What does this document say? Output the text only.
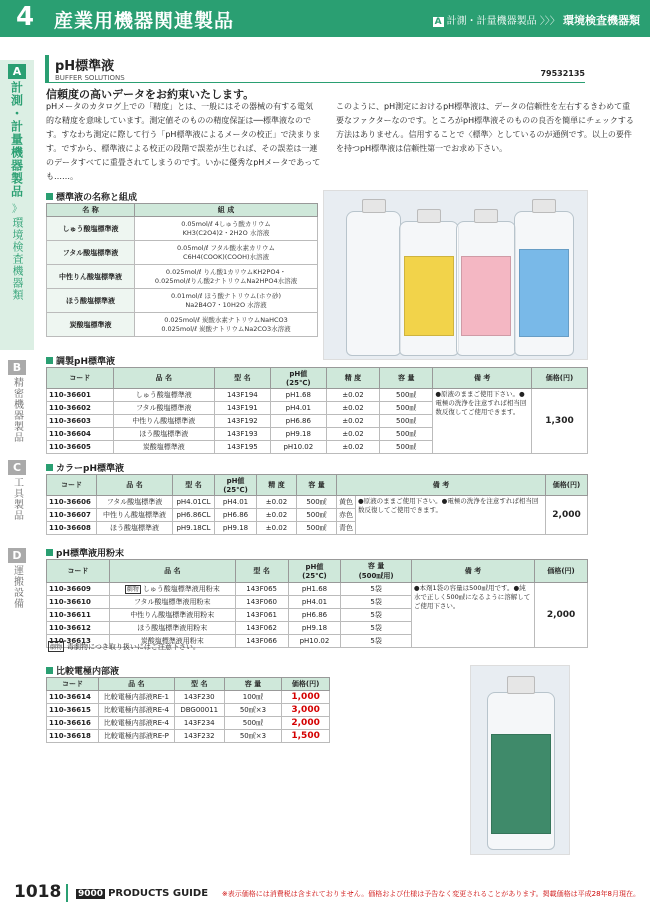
4 産業用機器関連製品	A 計測・計量機器製品 〉〉〉 環境検査機器類
A
計測・計量機器製品
》
環境検査機器類
B
精密機器製品
C
工具製品
D
運搬設備
pH標準液
BUFFER SOLUTIONS	79532135
信頼度の高いデータをお約束いたします。
pHメータのカタログ上での「精度」とは、一般にはその器械の有する電気的な精度を意味しています。測定値そのものの精度保証は──標準液なのです。すなわち測定に際して行う「pH標準液によるメータの校正」で決まります。ですから、標準液による校正の段階で誤差が生じれば、その誤差は一連のデータすべてに重畳されてしまうのです。いかに優秀なpHメータであっても……。
このように、pH測定におけるpH標準液は、データの信頼性を左右するきわめて重要なファクターなのです。ところがpH標準液そのものの良否を簡単にチェックする方法はありません。信用することで〈標準〉としているのが通例です。以上の要件を持つpH標準液は信頼性第一でお求め下さい。
標準液の名称と組成
名 称	組 成
しゅう酸塩標準液	0.05mol/ℓ 4しゅう酸カリウム
KH3(C2O4)2・2H2O 水溶液
フタル酸塩標準液	0.05mol/ℓ フタル酸水素カリウム
C6H4(COOK)(COOH)水溶液
中性りん酸塩標準液	0.025mol/ℓ りん酸1カリウムKH2PO4・
0.025mol/ℓりん酸2ナトリウムNa2HPO4水溶液
ほう酸塩標準液	0.01mol/ℓ ほう酸ナトリウム(ホウ砂)
Na2B4O7・10H2O 水溶液
炭酸塩標準液	0.025mol/ℓ 炭酸水素ナトリウムNaHCO3
0.025mol/ℓ 炭酸ナトリウムNa2CO3水溶液
調製pH標準液
コード	品 名	型 名	pH値
(25℃)	精 度	容 量	備 考	価格(円)
110-36601	しゅう酸塩標準液	143F194	pH1.68	±0.02	500㎖	●原液のままご使用下さい。●電極の洗浄を注意すれば相当回数反復してご使用できます。	1,300
110-36602	フタル酸塩標準液	143F191	pH4.01	±0.02	500㎖		
110-36603	中性りん酸塩標準液	143F192	pH6.86	±0.02	500㎖		
110-36604	ほう酸塩標準液	143F193	pH9.18	±0.02	500㎖		
110-36605	炭酸塩標準液	143F195	pH10.02	±0.02	500㎖		
カラーpH標準液
コード	品 名	型 名	pH値
(25℃)	精 度	容 量	備 考		価格(円)
110-36606	フタル酸塩標準液	pH4.01CL	pH4.01	±0.02	500㎖	黄色	●原液のままご使用下さい。●電極の洗浄を注意すれば相当回数反復してご使用できます。	2,000
110-36607	中性りん酸塩標準液	pH6.86CL	pH6.86	±0.02	500㎖	赤色		
110-36608	ほう酸塩標準液	pH9.18CL	pH9.18	±0.02	500㎖	青色		
pH標準液用粉末
コード	品 名	型 名	pH値
(25℃)	容 量
(500㎖用)	備 考	価格(円)
110-36609	劇物 しゅう酸塩標準液用粉末	143F065	pH1.68	5袋	●本剤1袋の容量は500㎖用です。●純水で正しく500㎖になるように溶解してご使用下さい。	2,000
110-36610	フタル酸塩標準液用粉末	143F060	pH4.01	5袋		
110-36611	中性りん酸塩標準液用粉末	143F061	pH6.86	5袋		
110-36612	ほう酸塩標準液用粉末	143F062	pH9.18	5袋		
110-36613	炭酸塩標準液用粉末	143F066	pH10.02	5袋		
劇物 毒劇物につき取り扱いにはご注意下さい。
比較電極内部液
コード	品 名	型 名	容 量	価格(円)
110-36614	比較電極内部液RE-1	143F230	100㎖	1,000
110-36615	比較電極内部液RE-4	DBG00011	50㎖×3	3,000
110-36616	比較電極内部液RE-4	143F234	500㎖	2,000
110-36618	比較電極内部液RE-P	143F232	50㎖×3	1,500
1018 9000 PRODUCTS GUIDE ※表示価格には消費税は含まれておりません。価格および仕様は予告なく変更されることがあります。掲載価格は平成28年8月現在。
